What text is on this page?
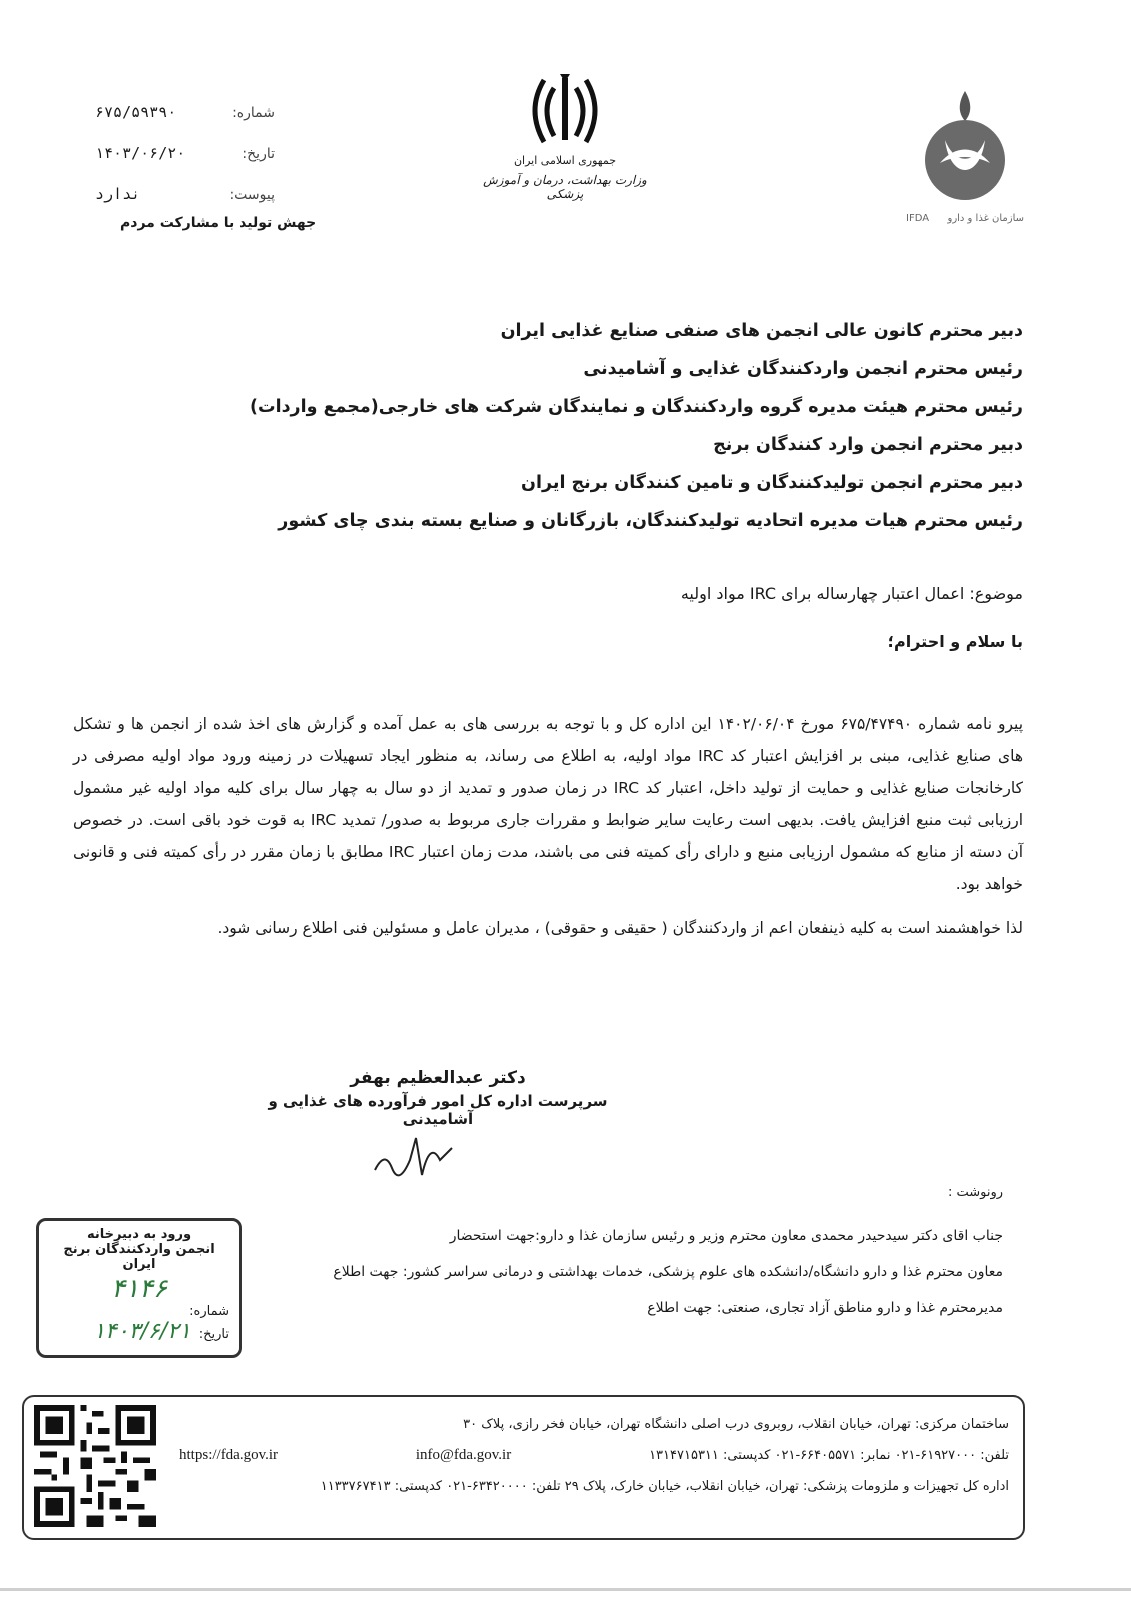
شماره:
۶۷۵/۵۹۳۹۰
تاریخ:
۱۴۰۳/۰۶/۲۰
پیوست:
ندارد
جهش تولید با مشارکت مردم
جمهوری اسلامی ایران
وزارت بهداشت، درمان و آموزش پزشکی
سازمان غذا و دارو
IFDA
دبیر محترم کانون عالی انجمن های صنفی صنایع غذایی ایران
رئیس محترم انجمن واردکنندگان غذایی و آشامیدنی
رئیس محترم هیئت مدیره گروه واردکنندگان و نمایندگان شرکت های خارجی(مجمع واردات)
دبیر محترم انجمن وارد کنندگان برنج
دبیر محترم انجمن تولیدکنندگان و تامین کنندگان برنج ایران
رئیس محترم هیات مدیره اتحادیه تولیدکنندگان، بازرگانان و صنایع بسته بندی چای کشور
موضوع: اعمال اعتبار چهارساله برای IRC مواد اولیه
با سلام و احترام؛

پیرو نامه شماره ۶۷۵/۴۷۴۹۰ مورخ ۱۴۰۲/۰۶/۰۴ این اداره کل و با توجه به بررسی های به عمل آمده و گزارش های اخذ شده از انجمن ها و تشکل های صنایع غذایی، مبنی بر افزایش اعتبار کد IRC مواد اولیه، به اطلاع می رساند، به منظور ایجاد تسهیلات در زمینه ورود مواد اولیه مصرفی در کارخانجات صنایع غذایی و حمایت از تولید داخل، اعتبار کد IRC در زمان صدور و تمدید از دو سال به چهار سال برای کلیه مواد اولیه غیر مشمول ارزیابی ثبت منبع افزایش یافت. بدیهی است رعایت سایر ضوابط و مقررات جاری مربوط به صدور/ تمدید IRC به قوت خود باقی است. در خصوص آن دسته از منابع که مشمول ارزیابی منبع و دارای رأی کمیته فنی می باشند، مدت زمان اعتبار IRC مطابق با زمان مقرر در رأی کمیته فنی و قانونی خواهد بود.

لذا خواهشمند است به کلیه ذینفعان اعم از واردکنندگان ( حقیقی و حقوقی) ، مدیران عامل و مسئولین فنی اطلاع رسانی شود.

دکتر عبدالعظیم بهفر
سرپرست اداره کل امور فرآورده های غذایی و آشامیدنی
رونوشت :
جناب اقای دکتر سیدحیدر محمدی معاون محترم وزیر و رئیس سازمان غذا و دارو:جهت استحضار
معاون محترم غذا و دارو دانشگاه/دانشکده های علوم پزشکی، خدمات بهداشتی و درمانی سراسر کشور: جهت اطلاع
مدیرمحترم غذا و دارو مناطق آزاد تجاری، صنعتی: جهت اطلاع
ورود به دبیرخانه
انجمن واردکنندگان برنج ایران
۴۱۴۶
شماره:
تاریخ:
۱۴۰۳/۶/۲۱
ساختمان مرکزی: تهران، خیابان انقلاب، روبروی درب اصلی دانشگاه تهران، خیابان فخر رازی، پلاک ۳۰
تلفن: ۶۱۹۲۷۰۰۰-۰۲۱ نمابر: ۶۶۴۰۵۵۷۱-۰۲۱ کدپستی: ۱۳۱۴۷۱۵۳۱۱
info@fda.gov.ir
https://fda.gov.ir
اداره کل تجهیزات و ملزومات پزشکی: تهران، خیابان انقلاب، خیابان خارک، پلاک ۲۹ تلفن: ۶۳۴۲۰۰۰۰-۰۲۱ کدپستی: ۱۱۳۳۷۶۷۴۱۳
